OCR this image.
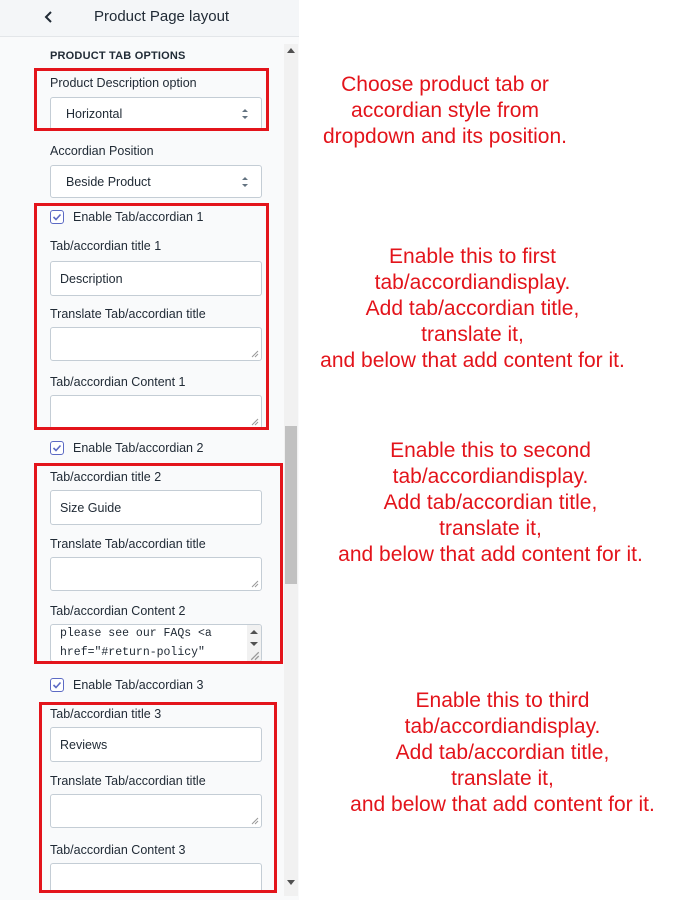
Product Page layout
PRODUCT TAB OPTIONS
Product Description option
Horizontal
Accordian Position
Beside Product
Enable Tab/accordian 1
Tab/accordian title 1
Description
Translate Tab/accordian title
Tab/accordian Content 1
Enable Tab/accordian 2
Tab/accordian title 2
Size Guide
Translate Tab/accordian title
Tab/accordian Content 2
please see our FAQs <a
href="#return-policy"
Enable Tab/accordian 3
Tab/accordian title 3
Reviews
Translate Tab/accordian title
Tab/accordian Content 3
Choose product tab or
accordian style from
dropdown and its position.
Enable this to first
tab/accordiandisplay.
Add tab/accordian title,
translate it,
and below that add content for it.
Enable this to second
tab/accordiandisplay.
Add tab/accordian title,
translate it,
and below that add content for it.
Enable this to third
tab/accordiandisplay.
Add tab/accordian title,
translate it,
and below that add content for it.
